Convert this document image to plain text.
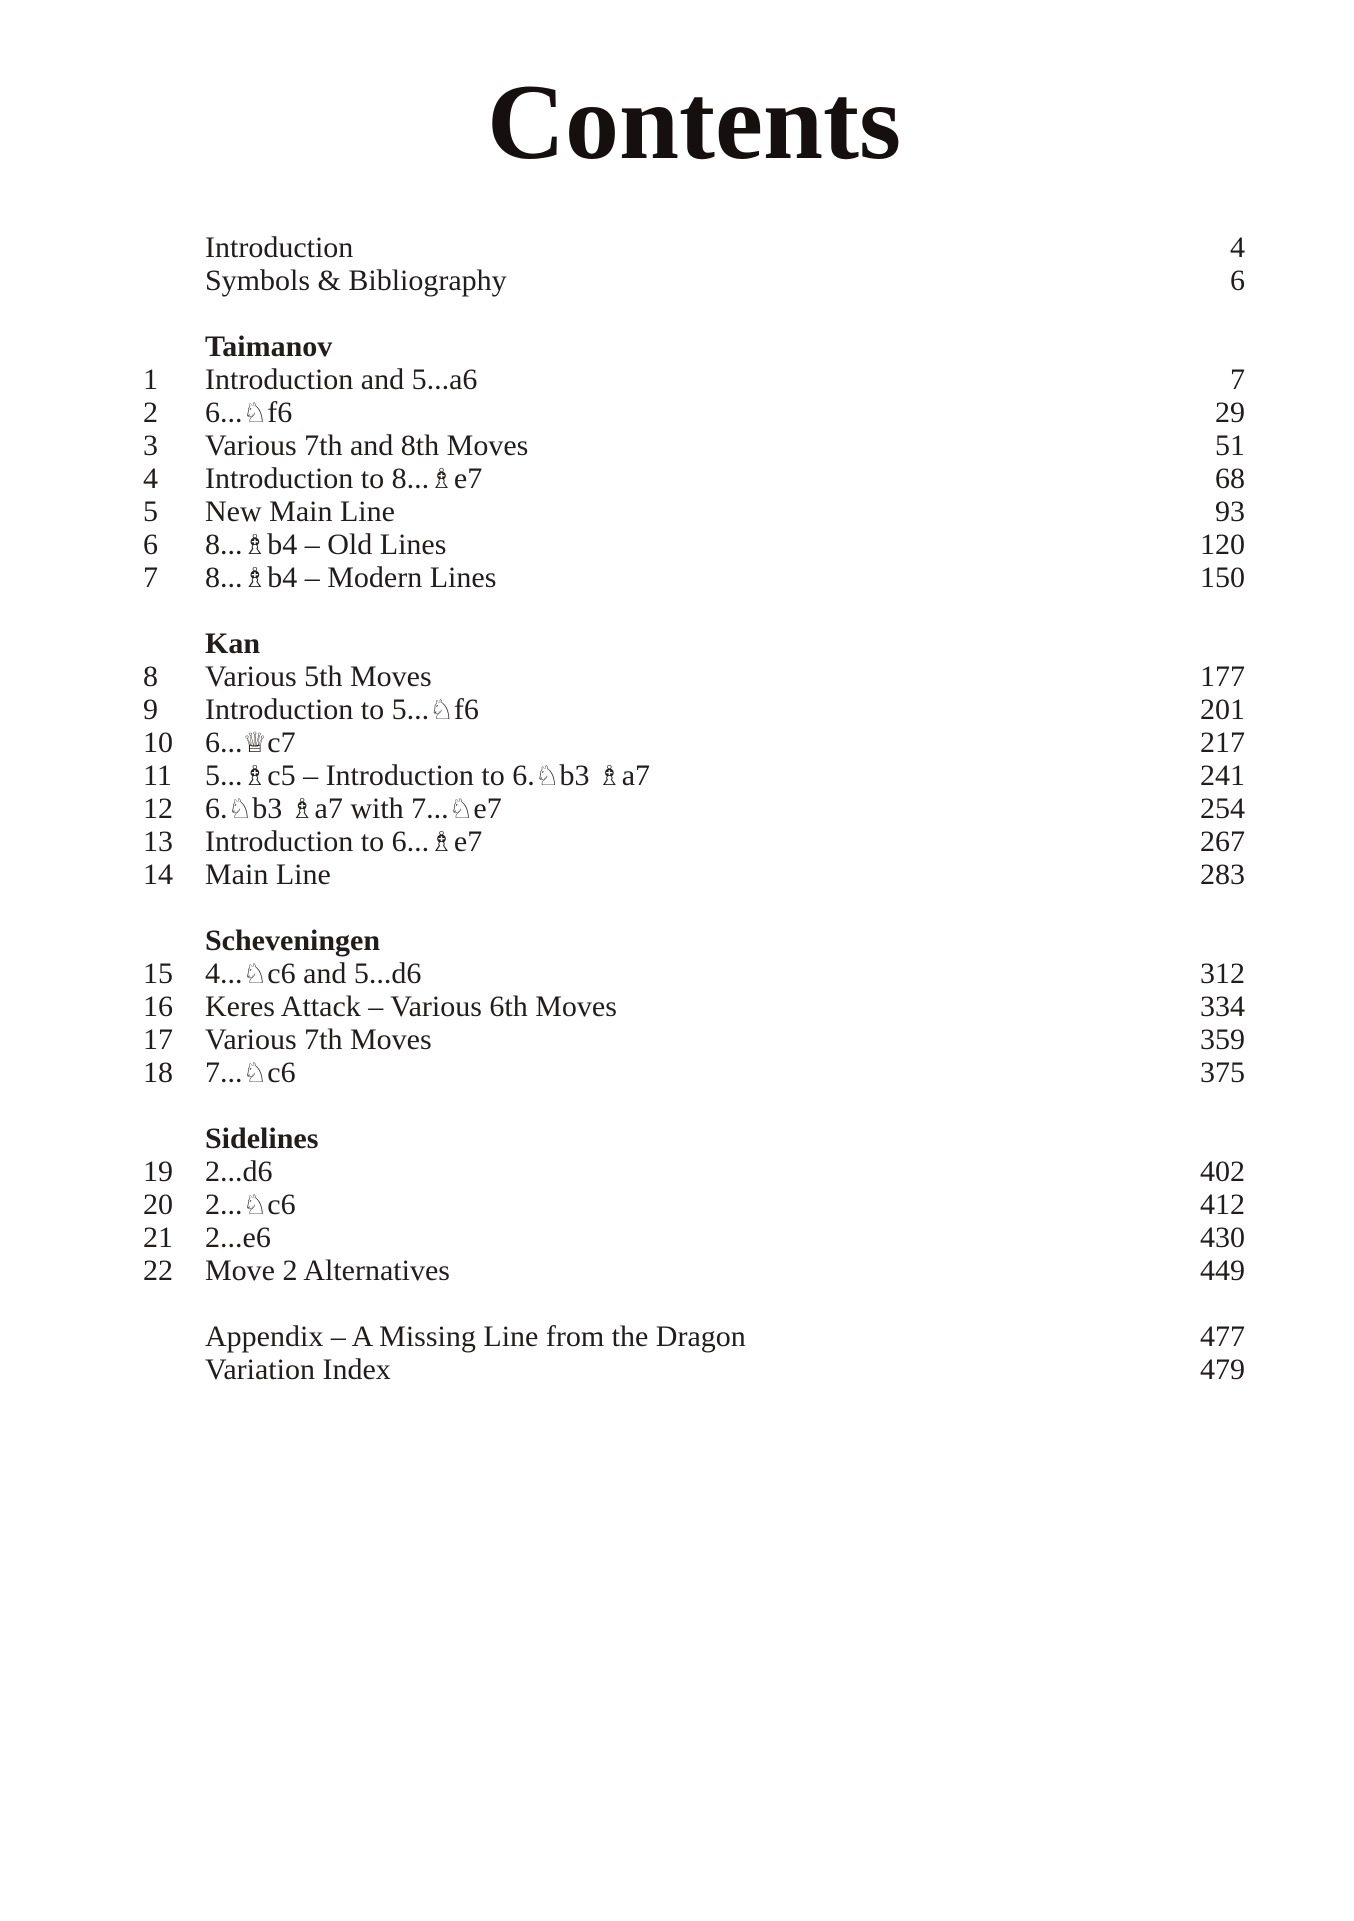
Contents
Introduction	4
Symbols & Bibliography	6
Taimanov
1	Introduction and 5...a6	7
2	6...♘f6	29
3	Various 7th and 8th Moves	51
4	Introduction to 8...♗e7	68
5	New Main Line	93
6	8...♗b4 – Old Lines	120
7	8...♗b4 – Modern Lines	150
Kan
8	Various 5th Moves	177
9	Introduction to 5...♘f6	201
10	6...♕c7	217
11	5...♗c5 – Introduction to 6.♘b3 ♗a7	241
12	6.♘b3 ♗a7 with 7...♘e7	254
13	Introduction to 6...♗e7	267
14	Main Line	283
Scheveningen
15	4...♘c6 and 5...d6	312
16	Keres Attack – Various 6th Moves	334
17	Various 7th Moves	359
18	7...♘c6	375
Sidelines
19	2...d6	402
20	2...♘c6	412
21	2...e6	430
22	Move 2 Alternatives	449
Appendix – A Missing Line from the Dragon	477
Variation Index	479
